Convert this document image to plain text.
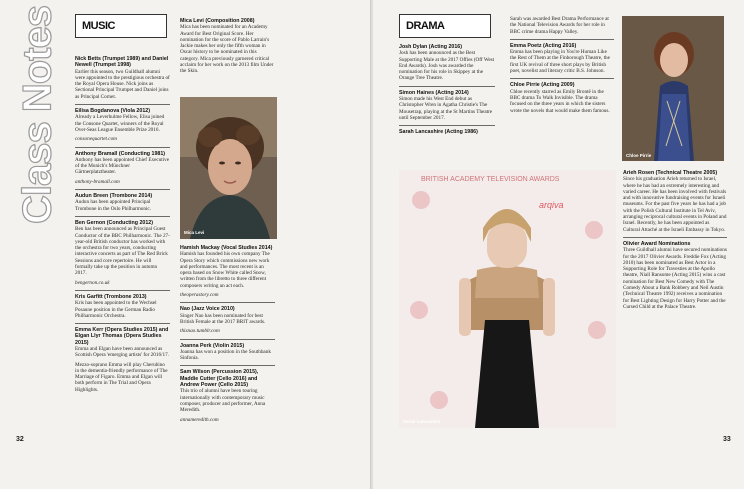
Class Notes MUSIC
Nick Betts (Trumpet 1989) and Daniel Newell (Trumpet 1998)
Earlier this season, two Guildhall alumni were appointed to the prestigious orchestra of the Royal Opera House. Nick joins as Sectional Principal Trumpet and Daniel joins as Principal Cornet.
Eilisa Bogdanova (Viola 2012)
Already a Leverhulme Fellow, Elisa joined the Consone Quartet, winners of the Royal Over-Seas League Ensemble Prize 2016.
consonequartet.com
Anthony Bramall (Conducting 1981)
Anthony has been appointed Chief Executive of the Munich's Münchner Gärtnerplatztheater.
anthony-bramall.com
Audun Breen (Trombone 2014)
Audun has been appointed Principal Trombone in the Oslo Philharmonic.
Ben Gernon (Conducting 2012)
Ben has been announced as Principal Guest Conductor of the BBC Philharmonic. The 27-year-old British conductor has worked with the orchestra for two years, conducting interactive concerts as part of The Red Brick Sessions and core repertoire. He will formally take up the position in autumn 2017.
bengernon.co.uk
Kris Garfitt (Trombone 2013)
Kris has been appointed to the Wechsel Posaune position in the German Radio Philharmonic Orchestra.
Emma Kerr (Opera Studies 2015) and Elgan Llyr Thomas (Opera Studies 2015)
Emma and Elgan have been announced as Scottish Opera 'emerging artists' for 2016/17.
Mezzo-soprano Emma will play Cherubino in the dementia-friendly performance of The Marriage of Figaro. Emma and Elgan will both perform in The Trial and Opera Highlights.
Mica Levi (Composition 2008)
Mica has been nominated for an Academy Award for Best Original Score. Her nomination for the score of Pablo Larrain's Jackie makes her only the fifth woman in Oscar history to be nominated in this category. Mica previously garnered critical acclaim for her work on the 2013 film Under the Skin.
Mica Levi
Hamish Mackay (Vocal Studies 2014)
Hamish has founded his own company The Opera Story which commissions new work and performances. The most recent is an opera based on Snow White called Snow, written from the libretto to three different composers writing an act each.
theoperastory.com
Nao (Jazz Voice 2010)
Singer Nao has been nominated for best British Female at the 2017 BRIT awards.
thisnao.tumblr.com
Joanna Perk (Violin 2015)
Joanna has won a position in the Southbank Sinfonia.
Sam Wilson (Percussion 2015), Maddie Cutter (Cello 2016) and Andrew Power (Cello 2015)
This trio of alumni have been touring internationally with contemporary music composer, producer and performer, Anna Meredith.
annameredith.com
32
DRAMA
Josh Dylan (Acting 2016)
Josh has been announced as the Best Supporting Male at the 2017 Offies (Off West End Awards). Josh was awarded the nomination for his role in Skippey at the Orange Tree Theatre.
Simon Haines (Acting 2014)
Simon made his West End debut as Christopher Wren in Agatha Christie's The Mousetrap, playing at the St Martins Theatre until September 2017.
Sarah Lancashire (Acting 1986)
Sarah was awarded Best Drama Performance at the National Television Awards for her role in BBC crime drama Happy Valley.
Emma Poetz (Acting 2016)
Emma has been playing in You're Human Like the Rest of Them at the Finborough Theatre, the first UK revival of three short plays by British poet, novelist and literary critic B.S. Johnson.
Chloe Pirrie (Acting 2009)
Chloe recently starred as Emily Brontë in the BBC drama To Walk Invisible. The drama focused on the three years in which the sisters wrote the novels that would make them famous.
Chloe Pirrie
BRITISH ACADEMY TELEVISION AWARDS
arqiva
Sarah Lancashire
Arieh Rosen (Technical Theatre 2005)
Since his graduation Arieh returned to Israel, where he has had an extremely interesting and varied career. He has been involved with festivals and with innovative fundraising events for Israeli museums. For the past five years he has had a job with the Polish Cultural Institute in Tel Aviv, arranging reciprocal cultural events in Poland and Israel. Recently, he has been appointed as Cultural Attaché at the Israeli Embassy in Tokyo.
Olivier Award Nominations
Three Guildhall alumni have secured nominations for the 2017 Olivier Awards. Freddie Fox (Acting 2010) has been nominated as Best Actor in a Supporting Role for Travesties at the Apollo theatre, Niall Ransome (Acting 2015) wins a cast nomination for Best New Comedy with The Comedy About a Bank Robbery and Neil Austin (Technical Theatre 1992) receives a nomination for Best Lighting Design for Harry Potter and the Cursed Child at the Palace Theatre.
33
